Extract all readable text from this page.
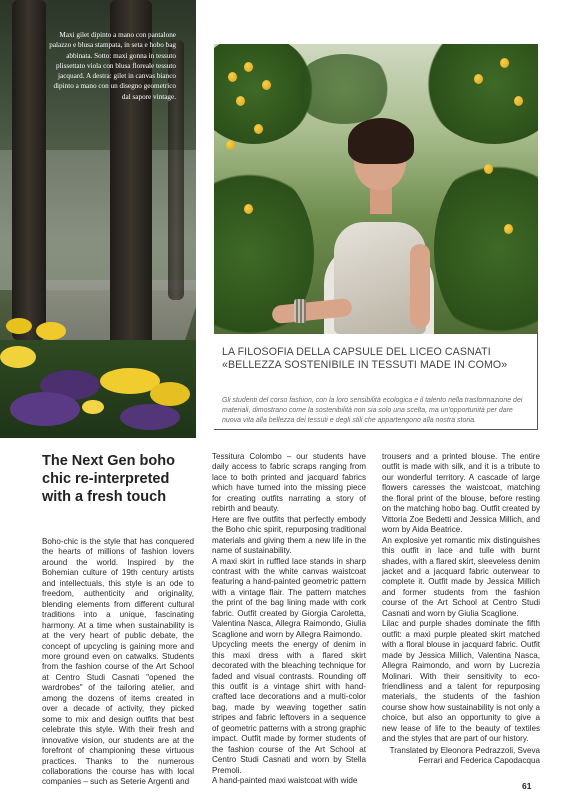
Maxi gilet dipinto a mano con pantalone palazzo e blusa stampata, in seta e hobo bag abbinata. Sotto: maxi gonna in tessuto plissettato viola con blusa floreale tessuto jacquard. A destra: gilet in canvas bianco dipinto a mano con un disegno geometrico dal sapore vintage.
LA FILOSOFIA DELLA CAPSULE DEL LICEO CASNATI
«BELLEZZA SOSTENIBILE IN TESSUTI MADE IN COMO»
Gli studenti del corso fashion, con la loro sensibilità ecologica e il talento nella trasformazione dei materiali, dimostrano come la sostenibilità non sia solo una scelta, ma un'opportunità per dare nuova vita alla bellezza dei tessuti e degli stili che appartengono alla nostra storia.
The Next Gen boho chic re-interpreted with a fresh touch

Boho-chic is the style that has conquered the hearts of millions of fashion lovers around the world. Inspired by the Bohemian culture of 19th century artists and intellectuals, this style is an ode to freedom, authenticity and originality, blending elements from different cultural traditions into a unique, fascinating harmony. At a time when sustainability is at the very heart of public debate, the concept of upcycling is gaining more and more ground even on catwalks. Students from the fashion course of the Art School at Centro Studi Casnati "opened the wardrobes" of the tailoring atelier, and among the dozens of items created in over a decade of activity, they picked some to mix and design outfits that best celebrate this style. With their fresh and innovative vision, our students are at the forefront of championing these virtuous practices. Thanks to the numerous collaborations the course has with local companies – such as Seterie Argenti and

Tessitura Colombo – our students have daily access to fabric scraps ranging from lace to both printed and jacquard fabrics which have turned into the missing piece for creating outfits narrating a story of rebirth and beauty.

Here are five outfits that perfectly embody the Boho chic spirit, repurposing traditional materials and giving them a new life in the name of sustainability.

A maxi skirt in ruffled lace stands in sharp contrast with the white canvas waistcoat featuring a hand-painted geometric pattern with a vintage flair. The pattern matches the print of the bag lining made with cork fabric. Outfit created by Giorgia Caroletta, Valentina Nasca, Allegra Raimondo, Giulia Scaglione and worn by Allegra Raimondo.

Upcycling meets the energy of denim in this maxi dress with a flared skirt decorated with the bleaching technique for faded and visual contrasts. Rounding off this outfit is a vintage shirt with hand-crafted lace decorations and a multi-color bag, made by weaving together satin stripes and fabric leftovers in a sequence of geometric patterns with a strong graphic impact. Outfit made by former students of the fashion course of the Art School at Centro Studi Casnati and worn by Stella Premoli.

A hand-painted maxi waistcoat with wide

trousers and a printed blouse. The entire outfit is made with silk, and it is a tribute to our wonderful territory. A cascade of large flowers caresses the waistcoat, matching the floral print of the blouse, before resting on the matching hobo bag. Outfit created by Vittoria Zoe Bedetti and Jessica Millich, and worn by Aida Beatrice.

An explosive yet romantic mix distinguishes this outfit in lace and tulle with burnt shades, with a flared skirt, sleeveless denim jacket and a jacquard fabric outerwear to complete it. Outfit made by Jessica Millich and former students from the fashion course of the Art School at Centro Studi Casnati and worn by Giulia Scaglione.

Lilac and purple shades dominate the fifth outfit: a maxi purple pleated skirt matched with a floral blouse in jacquard fabric. Outfit made by Jessica Millich, Valentina Nasca, Allegra Raimondo, and worn by Lucrezia Molinari. With their sensitivity to eco-friendliness and a talent for repurposing materials, the students of the fashion course show how sustainability is not only a choice, but also an opportunity to give a new lease of life to the beauty of textiles and the styles that are part of our history.

Translated by Eleonora Pedrazzoli, Sveva
Ferrari and Federica Capodacqua
61
